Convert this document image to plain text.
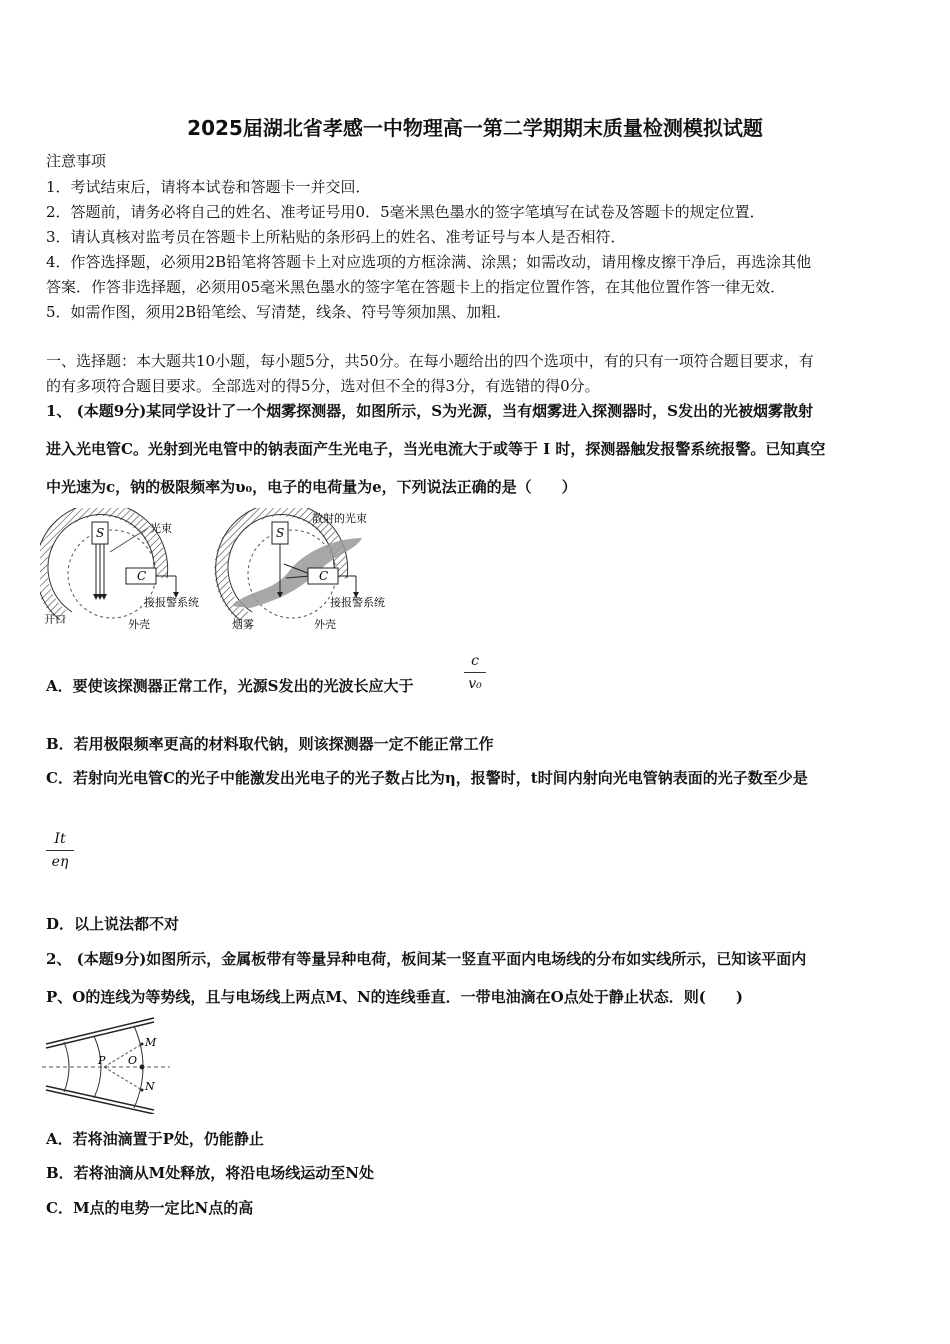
2025届湖北省孝感一中物理高一第二学期期末质量检测模拟试题
注意事项
1．考试结束后，请将本试卷和答题卡一并交回．
2．答题前，请务必将自己的姓名、准考证号用0．5毫米黑色墨水的签字笔填写在试卷及答题卡的规定位置．
3．请认真核对监考员在答题卡上所粘贴的条形码上的姓名、准考证号与本人是否相符．
4．作答选择题，必须用2B铅笔将答题卡上对应选项的方框涂满、涂黑；如需改动，请用橡皮擦干净后，再选涂其他
答案．作答非选择题，必须用05毫米黑色墨水的签字笔在答题卡上的指定位置作答，在其他位置作答一律无效．
5．如需作图，须用2B铅笔绘、写清楚，线条、符号等须加黑、加粗．
一、选择题：本大题共10小题，每小题5分，共50分。在每小题给出的四个选项中，有的只有一项符合题目要求，有
的有多项符合题目要求。全部选对的得5分，选对但不全的得3分，有选错的得0分。
1、 (本题9分)某同学设计了一个烟雾探测器，如图所示，S为光源，当有烟雾进入探测器时，S发出的光被烟雾散射
进入光电管C。光射到光电管中的钠表面产生光电子，当光电流大于或等于 I 时，探测器触发报警系统报警。已知真空
中光速为c，钠的极限频率为υ₀，电子的电荷量为e，下列说法正确的是（　　）
S
C
光束
接报警系统
开口	外壳
S
C
散射的光束
接报警系统
烟雾	外壳
A．要使该探测器正常工作，光源S发出的光波长应大于
c
v₀
B．若用极限频率更高的材料取代钠，则该探测器一定不能正常工作
C．若射向光电管C的光子中能激发出光电子的光子数占比为η，报警时，t时间内射向光电管钠表面的光子数至少是
It
eη
D．以上说法都不对
2、 (本题9分)如图所示，金属板带有等量异种电荷，板间某一竖直平面内电场线的分布如实线所示，已知该平面内
P、O的连线为等势线，且与电场线上两点M、N的连线垂直．一带电油滴在O点处于静止状态．则(　　)
P O
M
N
A．若将油滴置于P处，仍能静止
B．若将油滴从M处释放，将沿电场线运动至N处
C．M点的电势一定比N点的高
